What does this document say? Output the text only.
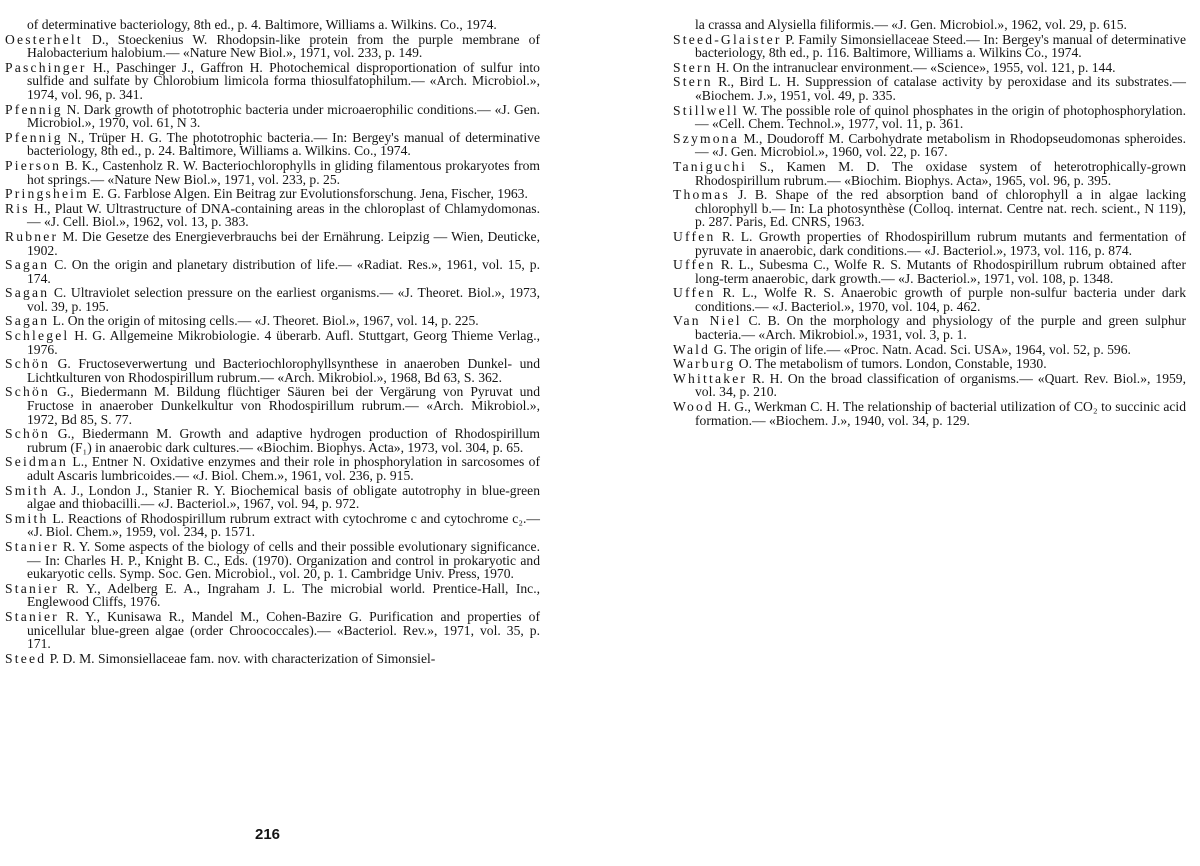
of determinative bacteriology, 8th ed., p. 4. Baltimore, Williams a. Wilkins. Co., 1974.
Oesterhelt D., Stoeckenius W. Rhodopsin-like protein from the purple membrane of Halobacterium halobium.— «Nature New Biol.», 1971, vol. 233, p. 149.
Paschinger H., Paschinger J., Gaffron H. Photochemical disproportionation of sulfur into sulfide and sulfate by Chlorobium limicola forma thiosulfatophilum.— «Arch. Microbiol.», 1974, vol. 96, p. 341.
Pfennig N. Dark growth of phototrophic bacteria under microaerophilic conditions.— «J. Gen. Microbiol.», 1970, vol. 61, N 3.
Pfennig N., Trüper H. G. The phototrophic bacteria.— In: Bergey's manual of determinative bacteriology, 8th ed., p. 24. Baltimore, Williams a. Wilkins. Co., 1974.
Pierson B. K., Castenholz R. W. Bacteriochlorophylls in gliding filamentous prokaryotes from hot springs.— «Nature New Biol.», 1971, vol. 233, p. 25.
Pringsheim E. G. Farblose Algen. Ein Beitrag zur Evolutionsforschung. Jena, Fischer, 1963.
Ris H., Plaut W. Ultrastructure of DNA-containing areas in the chloroplast of Chlamydomonas.— «J. Cell. Biol.», 1962, vol. 13, p. 383.
Rubner M. Die Gesetze des Energieverbrauchs bei der Ernährung. Leipzig — Wien, Deuticke, 1902.
Sagan C. On the origin and planetary distribution of life.— «Radiat. Res.», 1961, vol. 15, p. 174.
Sagan C. Ultraviolet selection pressure on the earliest organisms.— «J. Theoret. Biol.», 1973, vol. 39, p. 195.
Sagan L. On the origin of mitosing cells.— «J. Theoret. Biol.», 1967, vol. 14, p. 225.
Schlegel H. G. Allgemeine Mikrobiologie. 4 überarb. Aufl. Stuttgart, Georg Thieme Verlag., 1976.
Schön G. Fructoseverwertung und Bacteriochlorophyllsynthese in anaeroben Dunkel- und Lichtkulturen von Rhodospirillum rubrum.— «Arch. Mikrobiol.», 1968, Bd 63, S. 362.
Schön G., Biedermann M. Bildung flüchtiger Säuren bei der Vergärung von Pyruvat und Fructose in anaerober Dunkelkultur von Rhodospirillum rubrum.— «Arch. Mikrobiol.», 1972, Bd 85, S. 77.
Schön G., Biedermann M. Growth and adaptive hydrogen production of Rhodospirillum rubrum (F₁) in anaerobic dark cultures.— «Biochim. Biophys. Acta», 1973, vol. 304, p. 65.
Seidman L., Entner N. Oxidative enzymes and their role in phosphorylation in sarcosomes of adult Ascaris lumbricoides.— «J. Biol. Chem.», 1961, vol. 236, p. 915.
Smith A. J., London J., Stanier R. Y. Biochemical basis of obligate autotrophy in blue-green algae and thiobacilli.— «J. Bacteriol.», 1967, vol. 94, p. 972.
Smith L. Reactions of Rhodospirillum rubrum extract with cytochrome c and cytochrome c₂.— «J. Biol. Chem.», 1959, vol. 234, p. 1571.
Stanier R. Y. Some aspects of the biology of cells and their possible evolutionary significance.— In: Charles H. P., Knight B. C., Eds. (1970). Organization and control in prokaryotic and eukaryotic cells. Symp. Soc. Gen. Microbiol., vol. 20, p. 1. Cambridge Univ. Press, 1970.
Stanier R. Y., Adelberg E. A., Ingraham J. L. The microbial world. Prentice-Hall, Inc., Englewood Cliffs, 1976.
Stanier R. Y., Kunisawa R., Mandel M., Cohen-Bazire G. Purification and properties of unicellular blue-green algae (order Chroococcales).— «Bacteriol. Rev.», 1971, vol. 35, p. 171.
Steed P. D. M. Simonsiellaceae fam. nov. with characterization of Simonsiel-
la crassa and Alysiella filiformis.— «J. Gen. Microbiol.», 1962, vol. 29, p. 615.
Steed-Glaister P. Family Simonsiellaceae Steed.— In: Bergey's manual of determinative bacteriology, 8th ed., p. 116. Baltimore, Williams a. Wilkins Co., 1974.
Stern H. On the intranuclear environment.— «Science», 1955, vol. 121, p. 144.
Stern R., Bird L. H. Suppression of catalase activity by peroxidase and its substrates.— «Biochem. J.», 1951, vol. 49, p. 335.
Stillwell W. The possible role of quinol phosphates in the origin of photophosphorylation.— «Cell. Chem. Technol.», 1977, vol. 11, p. 361.
Szymona M., Doudoroff M. Carbohydrate metabolism in Rhodopseudomonas spheroides.— «J. Gen. Microbiol.», 1960, vol. 22, p. 167.
Taniguchi S., Kamen M. D. The oxidase system of heterotrophically-grown Rhodospirillum rubrum.— «Biochim. Biophys. Acta», 1965, vol. 96, p. 395.
Thomas J. B. Shape of the red absorption band of chlorophyll a in algae lacking chlorophyll b.— In: La photosynthèse (Colloq. internat. Centre nat. rech. scient., N 119), p. 287. Paris, Ed. CNRS, 1963.
Uffen R. L. Growth properties of Rhodospirillum rubrum mutants and fermentation of pyruvate in anaerobic, dark conditions.— «J. Bacteriol.», 1973, vol. 116, p. 874.
Uffen R. L., Subesma C., Wolfe R. S. Mutants of Rhodospirillum rubrum obtained after long-term anaerobic, dark growth.— «J. Bacteriol.», 1971, vol. 108, p. 1348.
Uffen R. L., Wolfe R. S. Anaerobic growth of purple non-sulfur bacteria under dark conditions.— «J. Bacteriol.», 1970, vol. 104, p. 462.
Van Niel C. B. On the morphology and physiology of the purple and green sulphur bacteria.— «Arch. Mikrobiol.», 1931, vol. 3, p. 1.
Wald G. The origin of life.— «Proc. Natn. Acad. Sci. USA», 1964, vol. 52, p. 596.
Warburg O. The metabolism of tumors. London, Constable, 1930.
Whittaker R. H. On the broad classification of organisms.— «Quart. Rev. Biol.», 1959, vol. 34, p. 210.
Wood H. G., Werkman C. H. The relationship of bacterial utilization of CO₂ to succinic acid formation.— «Biochem. J.», 1940, vol. 34, p. 129.
216
